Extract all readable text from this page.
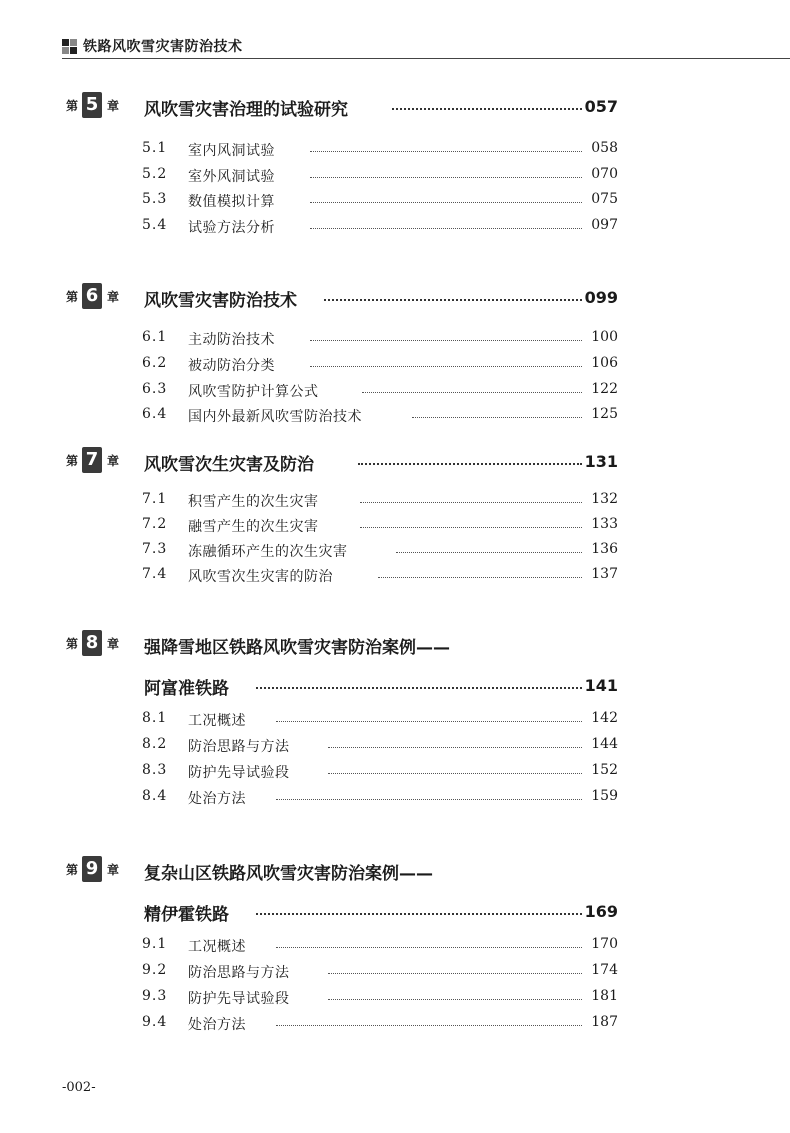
铁路风吹雪灾害防治技术
第 5 章 风吹雪灾害治理的试验研究	057
5.1 室内风洞试验	058
5.2 室外风洞试验	070
5.3 数值模拟计算	075
5.4 试验方法分析	097
第 6 章 风吹雪灾害防治技术	099
6.1 主动防治技术	100
6.2 被动防治分类	106
6.3 风吹雪防护计算公式	122
6.4 国内外最新风吹雪防治技术	125
第 7 章 风吹雪次生灾害及防治	131
7.1 积雪产生的次生灾害	132
7.2 融雪产生的次生灾害	133
7.3 冻融循环产生的次生灾害	136
7.4 风吹雪次生灾害的防治	137
第 8 章 强降雪地区铁路风吹雪灾害防治案例——
阿富准铁路	141
8.1 工况概述	142
8.2 防治思路与方法	144
8.3 防护先导试验段	152
8.4 处治方法	159
第 9 章 复杂山区铁路风吹雪灾害防治案例——
精伊霍铁路	169
9.1 工况概述	170
9.2 防治思路与方法	174
9.3 防护先导试验段	181
9.4 处治方法	187
-002-
